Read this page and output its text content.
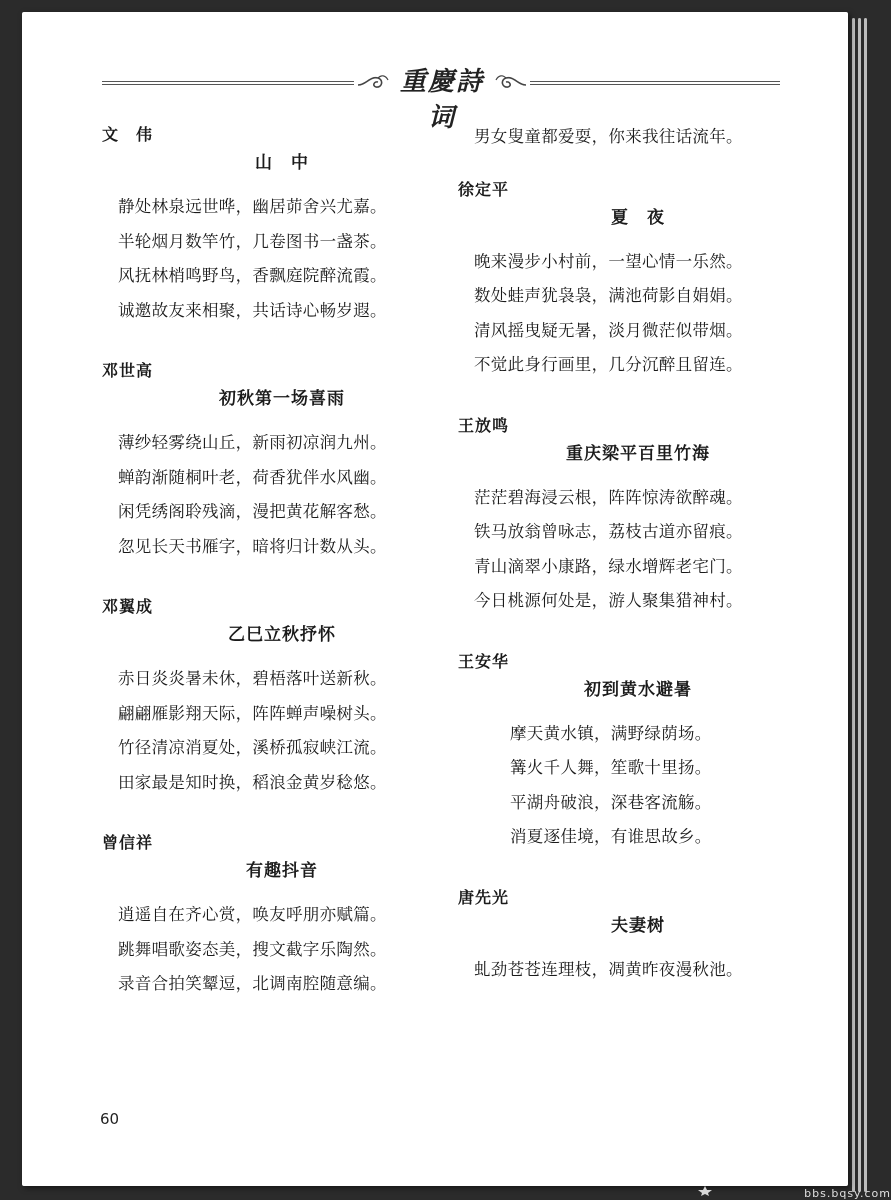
重慶詩词
文　伟
山　中
静处林泉远世哗，幽居茆舍兴尤嘉。
半轮烟月数竿竹，几卷图书一盏茶。
风抚林梢鸣野鸟，香飘庭院醉流霞。
诚邀故友来相聚，共话诗心畅岁遐。
邓世高
初秋第一场喜雨
薄纱轻雾绕山丘，新雨初凉润九州。
蝉韵渐随桐叶老，荷香犹伴水风幽。
闲凭绣阁聆残滴，漫把黄花解客愁。
忽见长天书雁字，暗将归计数从头。
邓翼成
乙巳立秋抒怀
赤日炎炎暑未休，碧梧落叶送新秋。
翩翩雁影翔天际，阵阵蝉声噪树头。
竹径清凉消夏处，溪桥孤寂峡江流。
田家最是知时换，稻浪金黄岁稔悠。
曾信祥
有趣抖音
逍遥自在齐心赏，唤友呼朋亦赋篇。
跳舞唱歌姿态美，搜文截字乐陶然。
录音合拍笑颦逗，北调南腔随意编。
男女叟童都爱耍，你来我往话流年。
徐定平
夏　夜
晚来漫步小村前，一望心情一乐然。
数处蛙声犹袅袅，满池荷影自娟娟。
清风摇曳疑无暑，淡月微茫似带烟。
不觉此身行画里，几分沉醉且留连。
王放鸣
重庆梁平百里竹海
茫茫碧海浸云根，阵阵惊涛欲醉魂。
铁马放翁曾咏志，荔枝古道亦留痕。
青山滴翠小康路，绿水增辉老宅门。
今日桃源何处是，游人聚集猎神村。
王安华
初到黄水避暑
摩天黄水镇，满野绿荫场。
篝火千人舞，笙歌十里扬。
平湖舟破浪，深巷客流觞。
消夏逐佳境，有谁思故乡。
唐先光
夫妻树
虬劲苍苍连理枝，凋黄昨夜漫秋池。
60
bbs.bqsy.com
